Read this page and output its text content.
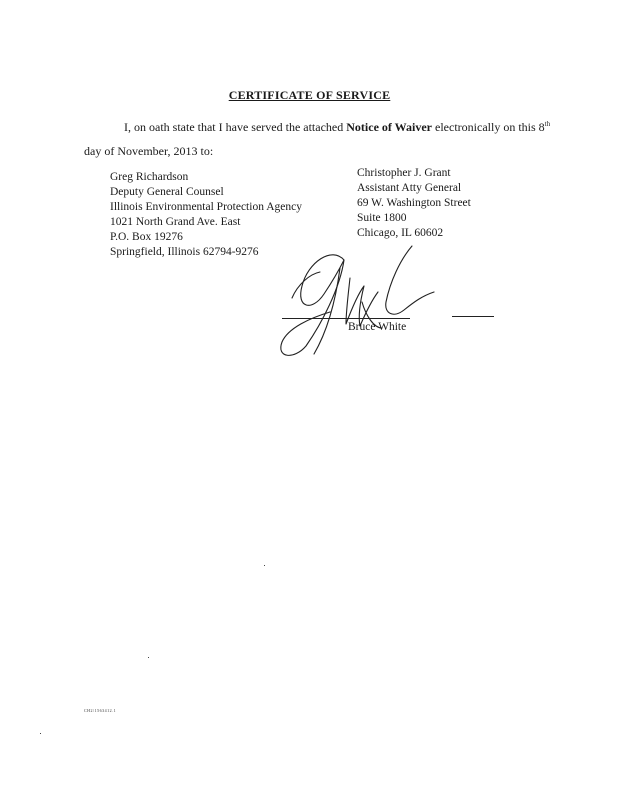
CERTIFICATE OF SERVICE
I, on oath state that I have served the attached Notice of Waiver electronically on this 8th day of November, 2013 to:
Greg Richardson
Deputy General Counsel
Illinois Environmental Protection Agency
1021 North Grand Ave. East
P.O. Box 19276
Springfield, Illinois 62794-9276
Christopher J. Grant
Assistant Atty General
69 W. Washington Street
Suite 1800
Chicago, IL 60602
Bruce White
CH2\1563412.1
